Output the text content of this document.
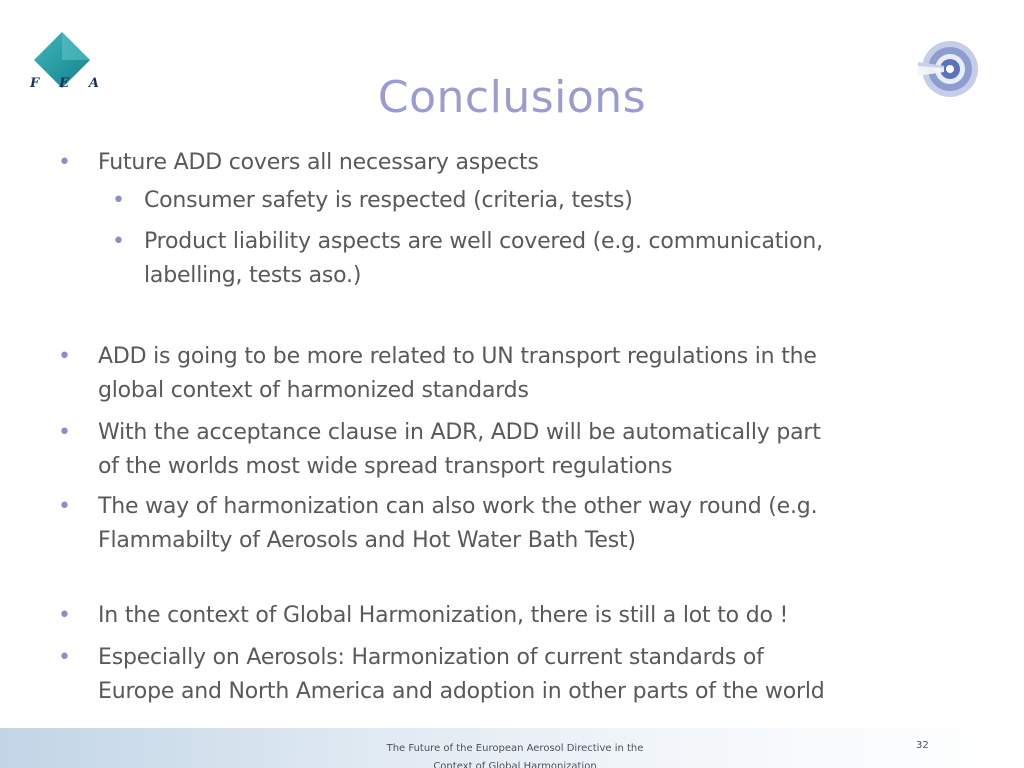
F E A	Conclusions
• Future ADD covers all necessary aspects
• Consumer safety is respected (criteria, tests)
• Product liability aspects are well covered (e.g. communication,
labelling, tests aso.)
• ADD is going to be more related to UN transport regulations in the
global context of harmonized standards
• With the acceptance clause in ADR, ADD will be automatically part
of the worlds most wide spread transport regulations
• The way of harmonization can also work the other way round (e.g.
Flammabilty of Aerosols and Hot Water Bath Test)
• In the context of Global Harmonization, there is still a lot to do !
• Especially on Aerosols: Harmonization of current standards of
Europe and North America and adoption in other parts of the world
The Future of the European Aerosol Directive in the
Context of Global Harmonization
32
